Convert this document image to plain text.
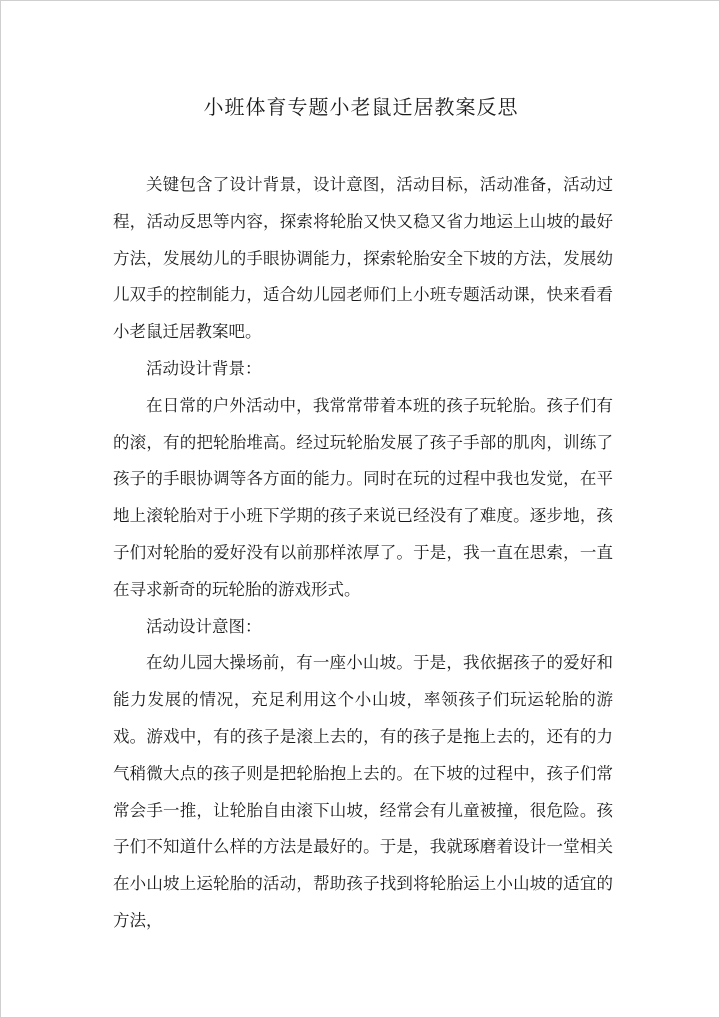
小班体育专题小老鼠迁居教案反思

关键包含了设计背景，设计意图，活动目标，活动准备，活动过程，活动反思等内容，探索将轮胎又快又稳又省力地运上山坡的最好方法，发展幼儿的手眼协调能力，探索轮胎安全下坡的方法，发展幼儿双手的控制能力，适合幼儿园老师们上小班专题活动课，快来看看小老鼠迁居教案吧。

活动设计背景：

在日常的户外活动中，我常常带着本班的孩子玩轮胎。孩子们有的滚，有的把轮胎堆高。经过玩轮胎发展了孩子手部的肌肉，训练了孩子的手眼协调等各方面的能力。同时在玩的过程中我也发觉，在平地上滚轮胎对于小班下学期的孩子来说已经没有了难度。逐步地，孩子们对轮胎的爱好没有以前那样浓厚了。于是，我一直在思索，一直在寻求新奇的玩轮胎的游戏形式。

活动设计意图：

在幼儿园大操场前，有一座小山坡。于是，我依据孩子的爱好和能力发展的情况，充足利用这个小山坡，率领孩子们玩运轮胎的游戏。游戏中，有的孩子是滚上去的，有的孩子是拖上去的，还有的力气稍微大点的孩子则是把轮胎抱上去的。在下坡的过程中，孩子们常常会手一推，让轮胎自由滚下山坡，经常会有儿童被撞，很危险。孩子们不知道什么样的方法是最好的。于是，我就琢磨着设计一堂相关在小山坡上运轮胎的活动，帮助孩子找到将轮胎运上小山坡的适宜的方法，
